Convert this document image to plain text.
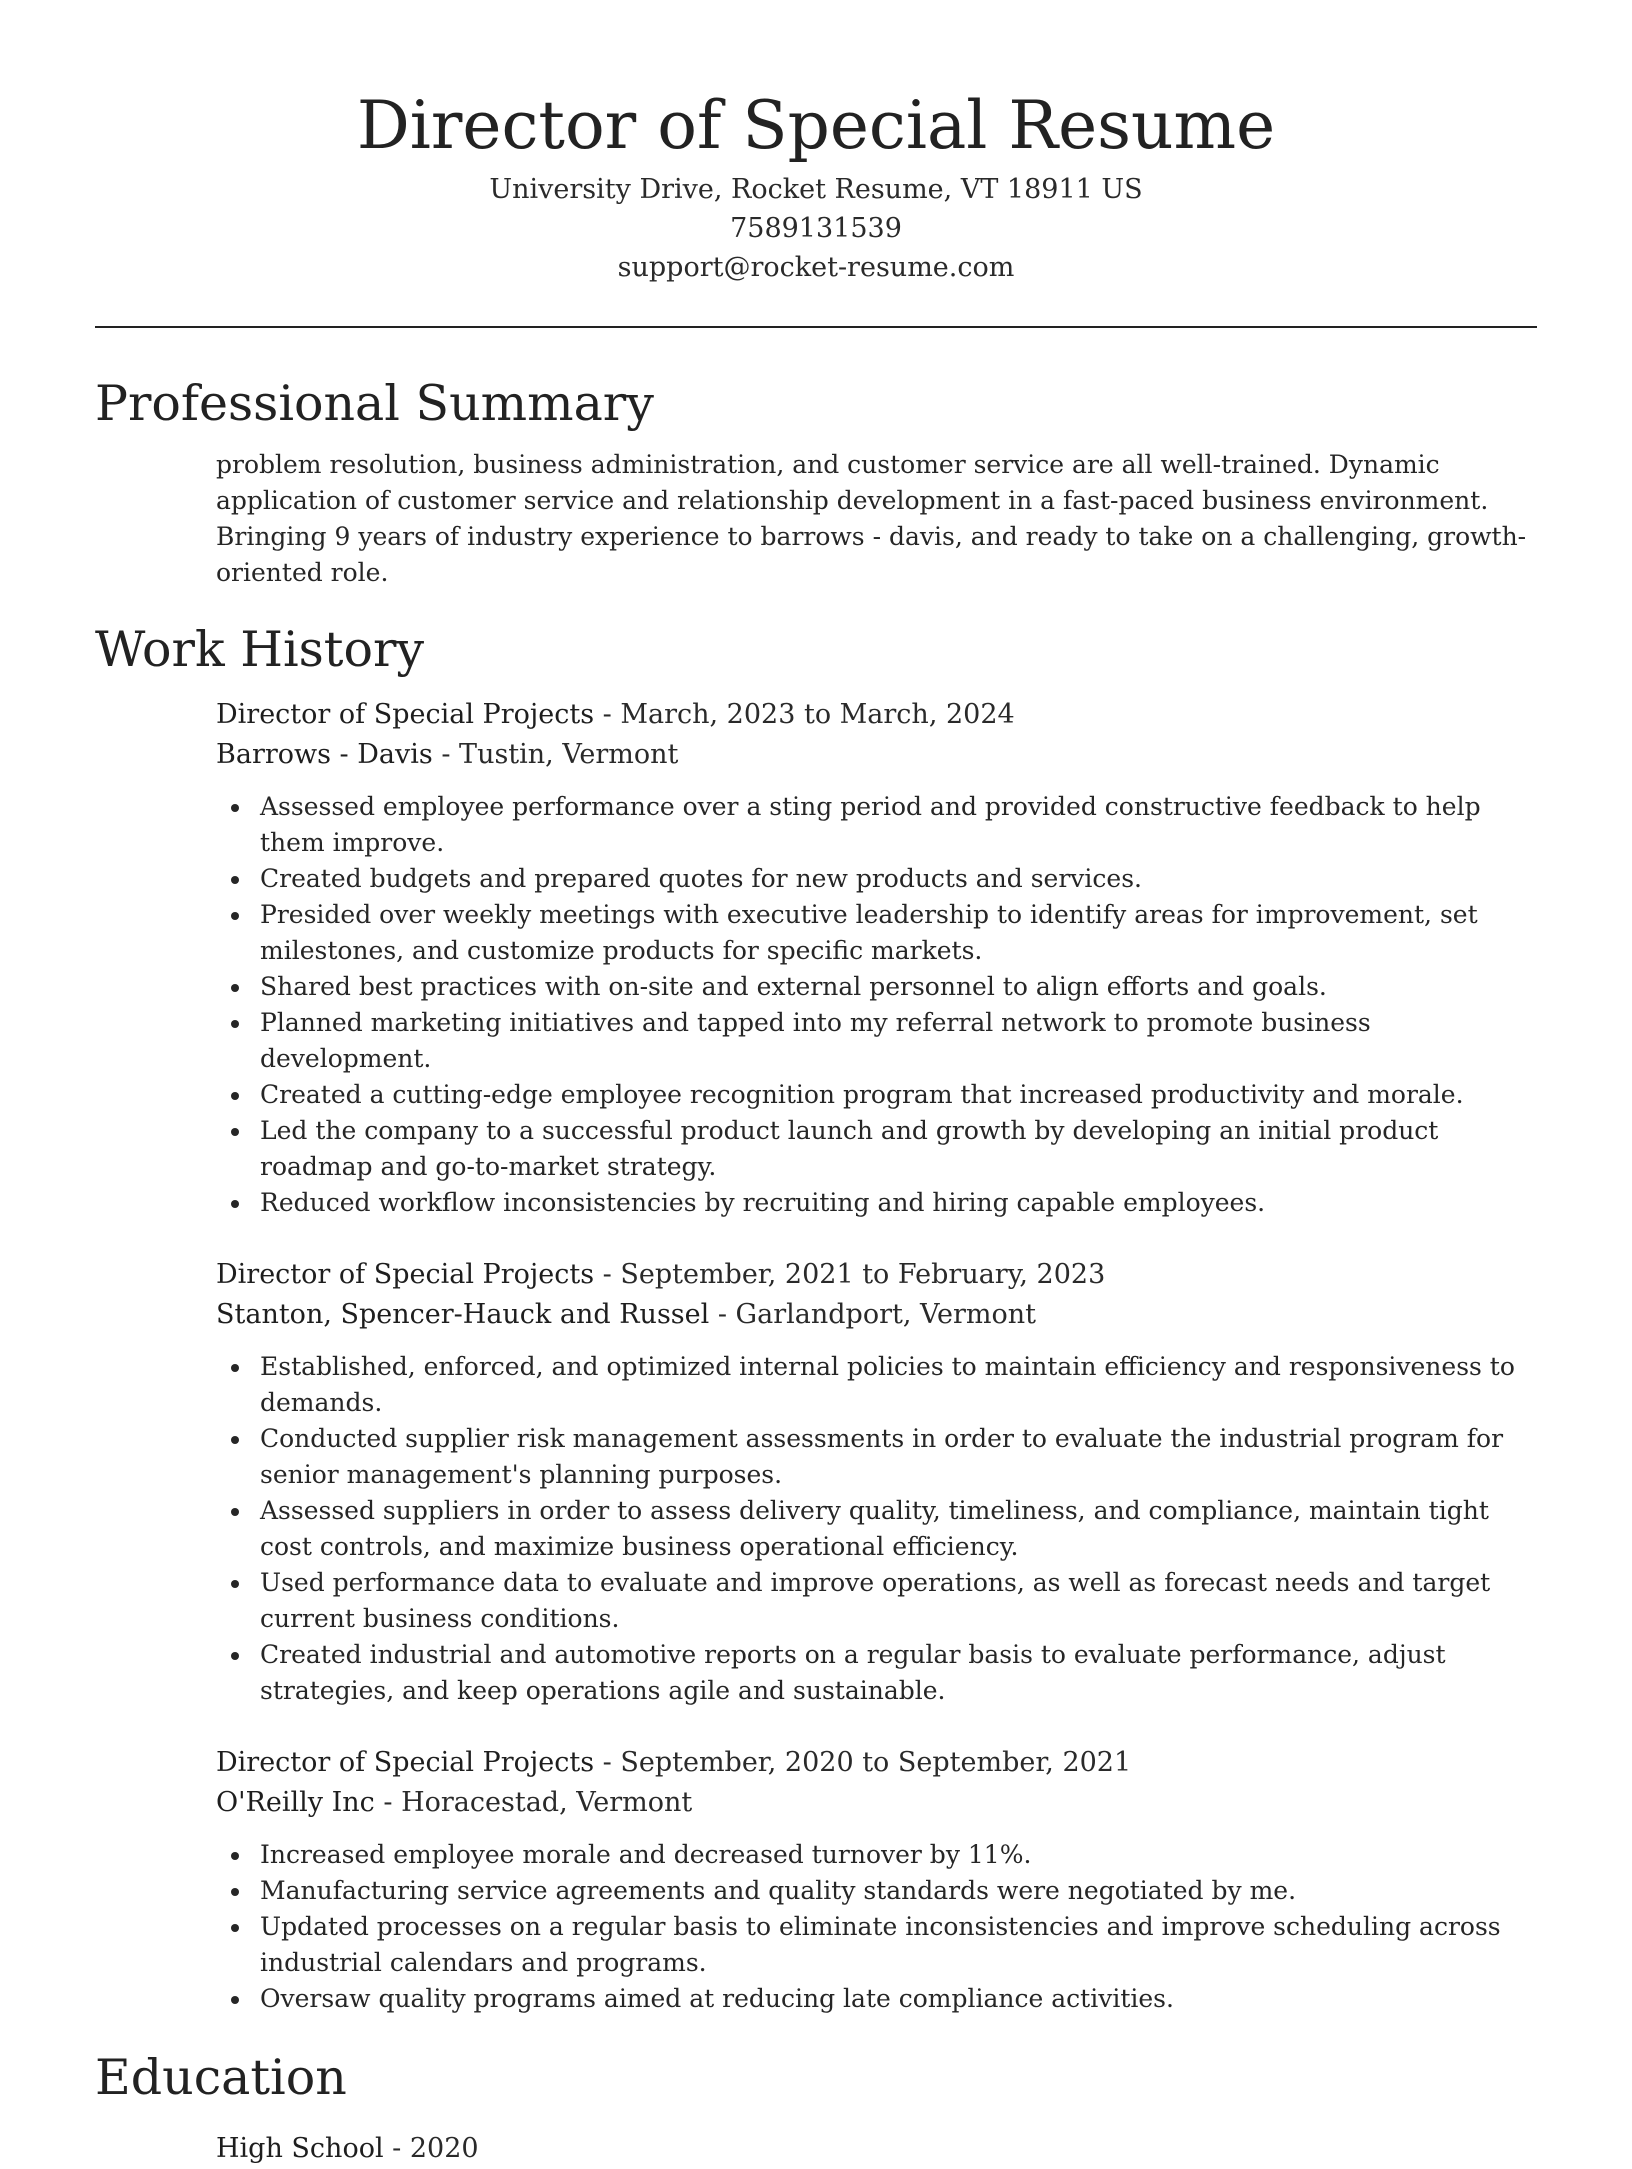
Director of Special Resume
University Drive, Rocket Resume, VT 18911 US
7589131539
support@rocket-resume.com
Professional Summary
problem resolution, business administration, and customer service are all well-trained. Dynamic application of customer service and relationship development in a fast-paced business environment. Bringing 9 years of industry experience to barrows - davis, and ready to take on a challenging, growth-oriented role.
Work History
Director of Special Projects - March, 2023 to March, 2024
Barrows - Davis - Tustin, Vermont
Assessed employee performance over a sting period and provided constructive feedback to help them improve.
Created budgets and prepared quotes for new products and services.
Presided over weekly meetings with executive leadership to identify areas for improvement, set milestones, and customize products for specific markets.
Shared best practices with on-site and external personnel to align efforts and goals.
Planned marketing initiatives and tapped into my referral network to promote business development.
Created a cutting-edge employee recognition program that increased productivity and morale.
Led the company to a successful product launch and growth by developing an initial product roadmap and go-to-market strategy.
Reduced workflow inconsistencies by recruiting and hiring capable employees.
Director of Special Projects - September, 2021 to February, 2023
Stanton, Spencer-Hauck and Russel - Garlandport, Vermont
Established, enforced, and optimized internal policies to maintain efficiency and responsiveness to demands.
Conducted supplier risk management assessments in order to evaluate the industrial program for senior management's planning purposes.
Assessed suppliers in order to assess delivery quality, timeliness, and compliance, maintain tight cost controls, and maximize business operational efficiency.
Used performance data to evaluate and improve operations, as well as forecast needs and target current business conditions.
Created industrial and automotive reports on a regular basis to evaluate performance, adjust strategies, and keep operations agile and sustainable.
Director of Special Projects - September, 2020 to September, 2021
O'Reilly Inc - Horacestad, Vermont
Increased employee morale and decreased turnover by 11%.
Manufacturing service agreements and quality standards were negotiated by me.
Updated processes on a regular basis to eliminate inconsistencies and improve scheduling across industrial calendars and programs.
Oversaw quality programs aimed at reducing late compliance activities.
Education
High School - 2020
